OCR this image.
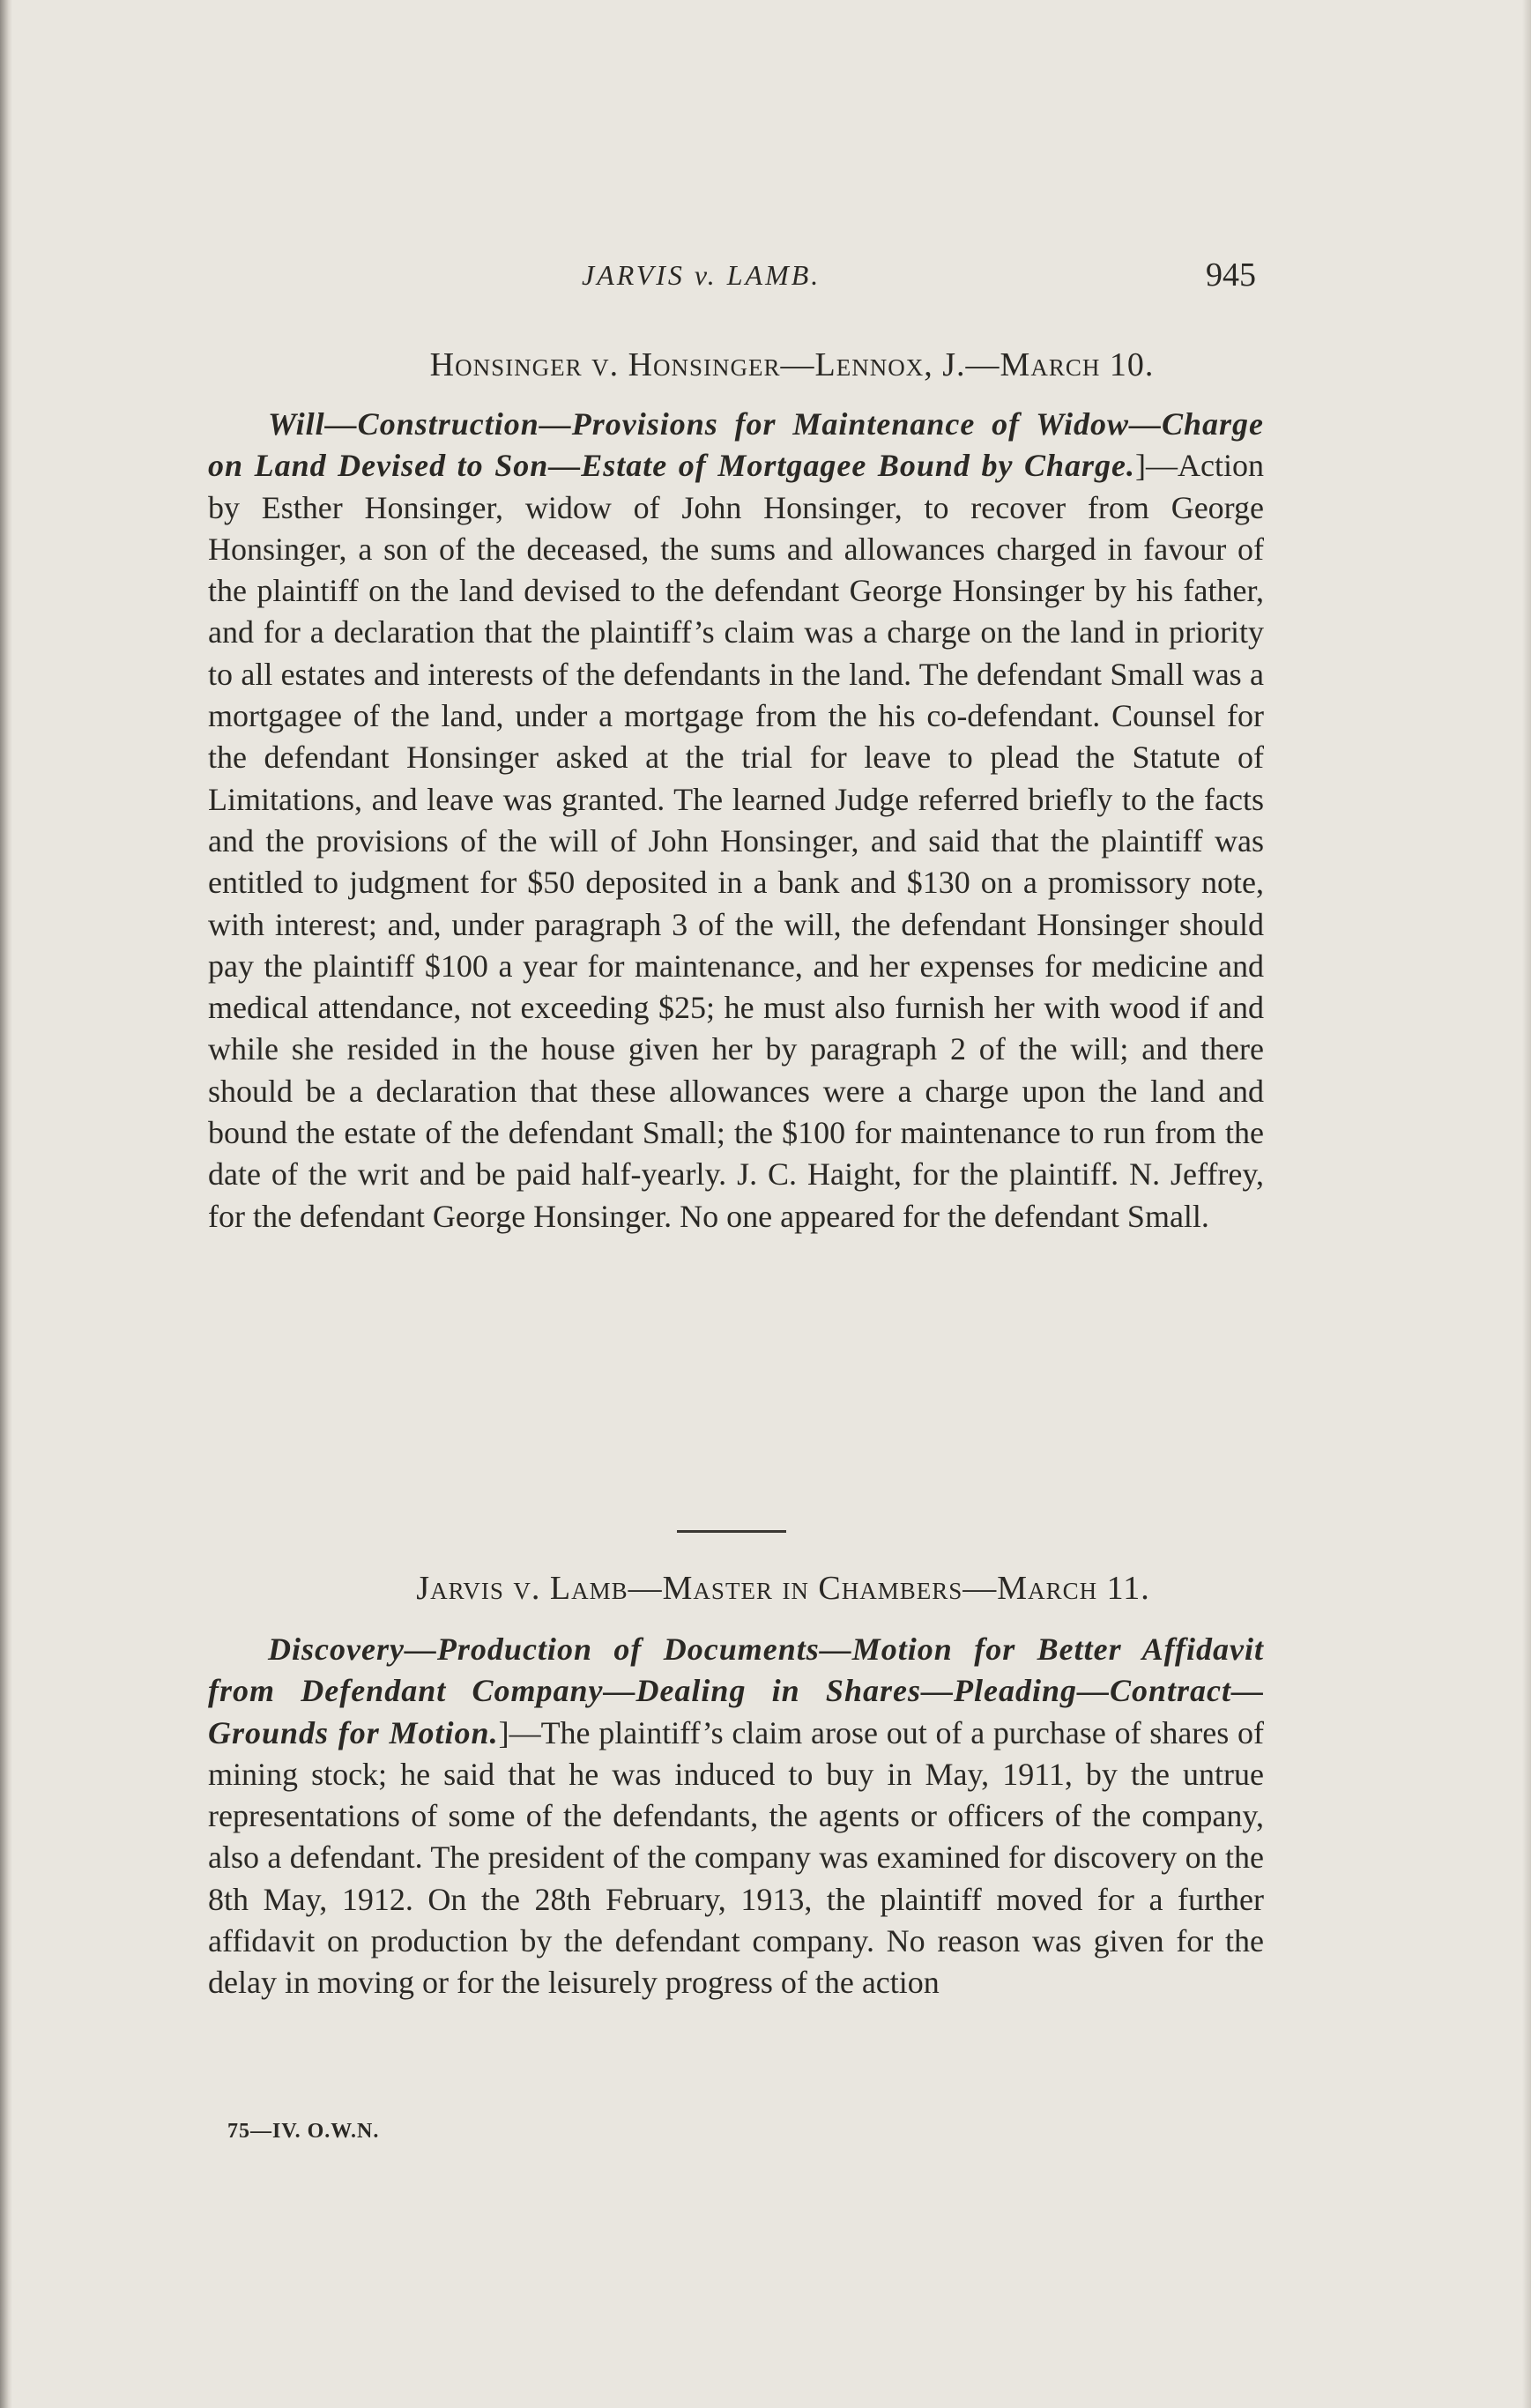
JARVIS v. LAMB.	945
Honsinger v. Honsinger—Lennox, J.—March 10.

Will—Construction—Provisions for Maintenance of Widow—Charge on Land Devised to Son—Estate of Mortgagee Bound by Charge.]—Action by Esther Honsinger, widow of John Honsinger, to recover from George Honsinger, a son of the deceased, the sums and allowances charged in favour of the plaintiff on the land devised to the defendant George Honsinger by his father, and for a declaration that the plaintiff’s claim was a charge on the land in priority to all estates and interests of the defendants in the land. The defendant Small was a mortgagee of the land, under a mortgage from the his co-defendant. Counsel for the defendant Honsinger asked at the trial for leave to plead the Statute of Limitations, and leave was granted. The learned Judge referred briefly to the facts and the provisions of the will of John Honsinger, and said that the plaintiff was entitled to judgment for $50 deposited in a bank and $130 on a promissory note, with interest; and, under paragraph 3 of the will, the defendant Honsinger should pay the plaintiff $100 a year for maintenance, and her expenses for medicine and medical attendance, not exceeding $25; he must also furnish her with wood if and while she resided in the house given her by paragraph 2 of the will; and there should be a declaration that these allowances were a charge upon the land and bound the estate of the defendant Small; the $100 for maintenance to run from the date of the writ and be paid half-yearly. J. C. Haight, for the plaintiff. N. Jeffrey, for the defendant George Honsinger. No one appeared for the defendant Small.

Jarvis v. Lamb—Master in Chambers—March 11.

Discovery—Production of Documents—Motion for Better Affidavit from Defendant Company—Dealing in Shares—Pleading—Contract—Grounds for Motion.]—The plaintiff’s claim arose out of a purchase of shares of mining stock; he said that he was induced to buy in May, 1911, by the untrue representations of some of the defendants, the agents or officers of the company, also a defendant. The president of the company was examined for discovery on the 8th May, 1912. On the 28th February, 1913, the plaintiff moved for a further affidavit on production by the defendant company. No reason was given for the delay in moving or for the leisurely progress of the action

75—IV. O.W.N.
